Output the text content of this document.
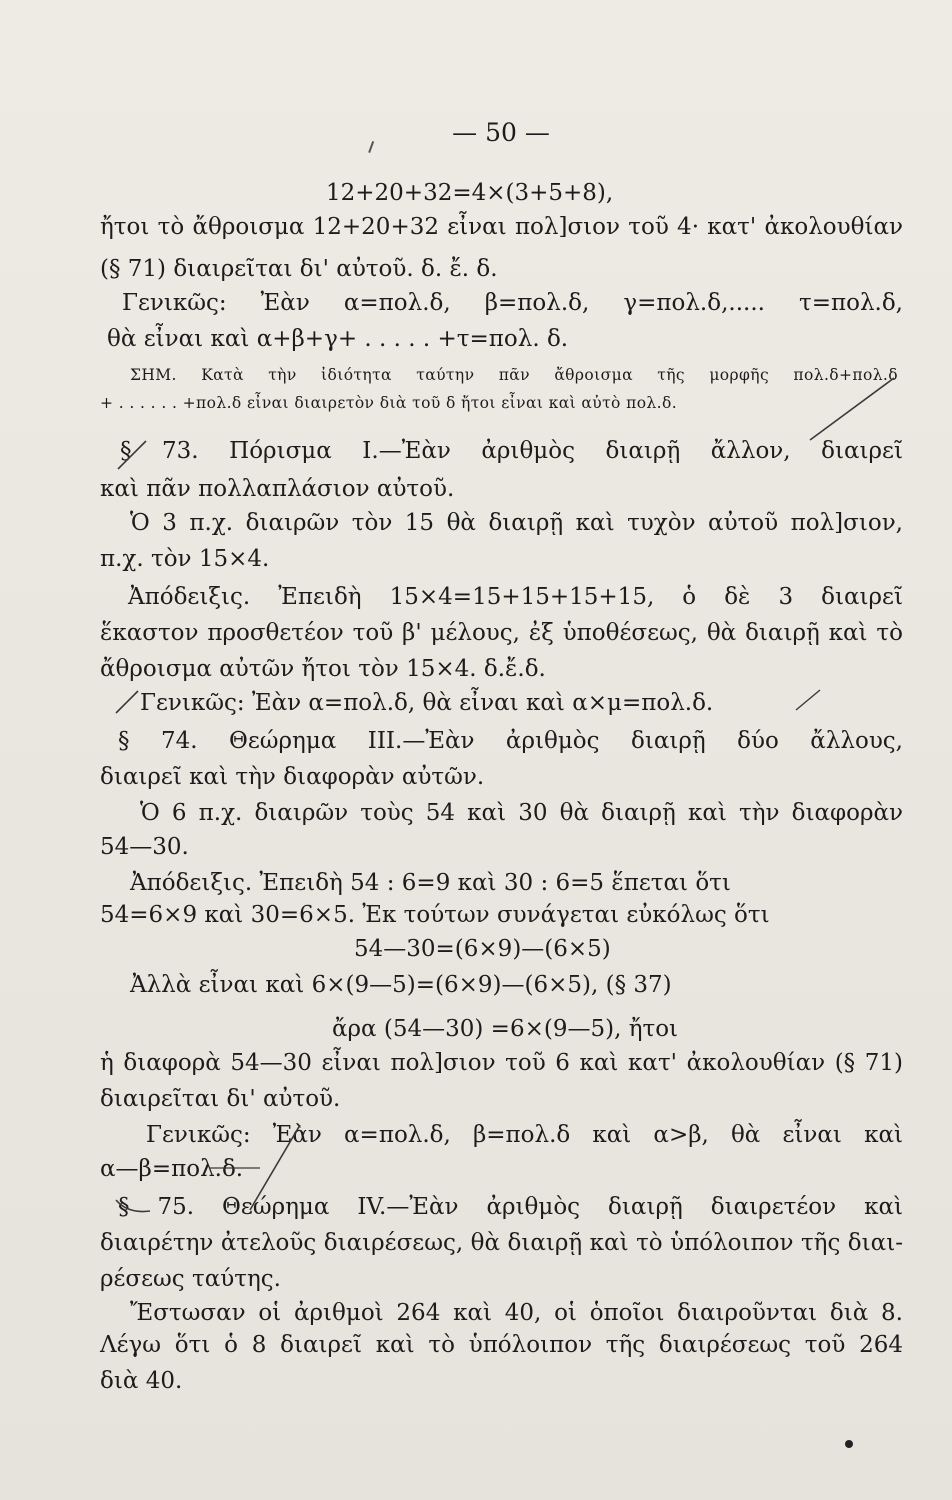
— 50 —
12+20+32=4×(3+5+8),
ἤτοι τὸ ἄθροισμα 12+20+32 εἶναι πολ]σιον τοῦ 4· κατ' ἀκολουθίαν
(§ 71) διαιρεῖται δι' αὐτοῦ. δ. ἔ. δ.
Γενικῶς: Ἐὰν α=πολ.δ, β=πολ.δ, γ=πολ.δ,..... τ=πολ.δ,
θὰ εἶναι καὶ α+β+γ+ . . . . . +τ=πολ. δ.
ΣΗΜ. Κατὰ τὴν ἰδιότητα ταύτην πᾶν ἄθροισμα τῆς μορφῆς πολ.δ+πολ.δ
+ . . . . . . +πολ.δ εἶναι διαιρετὸν διὰ τοῦ δ ἤτοι εἶναι καὶ αὐτὸ πολ.δ.
§ 73. Πόρισμα Ι.—Ἐὰν ἀριθμὸς διαιρῇ ἄλλον, διαιρεῖ
καὶ πᾶν πολλαπλάσιον αὐτοῦ.
Ὁ 3 π.χ. διαιρῶν τὸν 15 θὰ διαιρῇ καὶ τυχὸν αὐτοῦ πολ]σιον,
π.χ. τὸν 15×4.
Ἀπόδειξις. Ἐπειδὴ 15×4=15+15+15+15, ὁ δὲ 3 διαιρεῖ
ἕκαστον προσθετέον τοῦ β' μέλους, ἐξ ὑποθέσεως, θὰ διαιρῇ καὶ τὸ
ἄθροισμα αὐτῶν ἤτοι τὸν 15×4. δ.ἔ.δ.
Γενικῶς: Ἐὰν α=πολ.δ, θὰ εἶναι καὶ α×μ=πολ.δ.
§ 74. Θεώρημα ΙΙΙ.—Ἐὰν ἀριθμὸς διαιρῇ δύο ἄλλους,
διαιρεῖ καὶ τὴν διαφορὰν αὐτῶν.
Ὁ 6 π.χ. διαιρῶν τοὺς 54 καὶ 30 θὰ διαιρῇ καὶ τὴν διαφορὰν
54—30.
Ἀπόδειξις. Ἐπειδὴ 54 : 6=9 καὶ 30 : 6=5 ἕπεται ὅτι
54=6×9 καὶ 30=6×5. Ἐκ τούτων συνάγεται εὐκόλως ὅτι
54—30=(6×9)—(6×5)
Ἀλλὰ εἶναι καὶ 6×(9—5)=(6×9)—(6×5), (§ 37)
ἄρα (54—30) =6×(9—5), ἤτοι
ἡ διαφορὰ 54—30 εἶναι πολ]σιον τοῦ 6 καὶ κατ' ἀκολουθίαν (§ 71)
διαιρεῖται δι' αὐτοῦ.
Γενικῶς: Ἐὰν α=πολ.δ, β=πολ.δ καὶ α>β, θὰ εἶναι καὶ
α—β=πολ.δ.
§ 75. Θεώρημα ΙV.—Ἐὰν ἀριθμὸς διαιρῇ διαιρετέον καὶ
διαιρέτην ἀτελοῦς διαιρέσεως, θὰ διαιρῇ καὶ τὸ ὑπόλοιπον τῆς διαι-
ρέσεως ταύτης.
Ἔστωσαν οἱ ἀριθμοὶ 264 καὶ 40, οἱ ὁποῖοι διαιροῦνται διὰ 8.
Λέγω ὅτι ὁ 8 διαιρεῖ καὶ τὸ ὑπόλοιπον τῆς διαιρέσεως τοῦ 264
διὰ 40.
